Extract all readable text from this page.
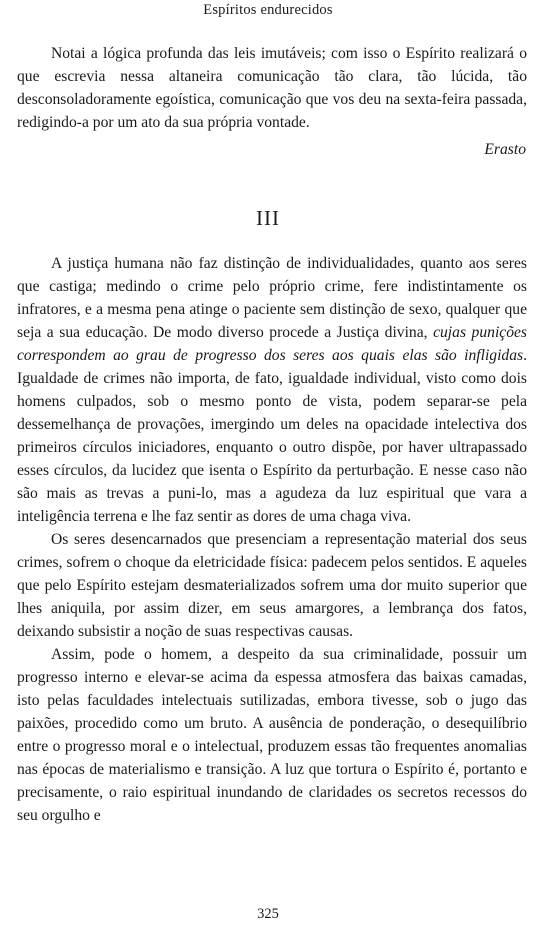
Espíritos endurecidos

Notai a lógica profunda das leis imutáveis; com isso o Espírito realizará o que escrevia nessa altaneira comunicação tão clara, tão lúcida, tão desconsoladoramente egoística, comunicação que vos deu na sexta-feira passada, redigindo-a por um ato da sua própria vontade.

Erasto
III

A justiça humana não faz distinção de individualidades, quanto aos seres que castiga; medindo o crime pelo próprio crime, fere indistintamente os infratores, e a mesma pena atinge o paciente sem distinção de sexo, qualquer que seja a sua educação. De modo diverso procede a Justiça divina, cujas punições correspondem ao grau de progresso dos seres aos quais elas são infligidas. Igualdade de crimes não importa, de fato, igualdade individual, visto como dois homens culpados, sob o mesmo ponto de vista, podem separar-se pela dessemelhança de provações, imergindo um deles na opacidade intelectiva dos primeiros círculos iniciadores, enquanto o outro dispõe, por haver ultrapassado esses círculos, da lucidez que isenta o Espírito da perturbação. E nesse caso não são mais as trevas a puni-lo, mas a agudeza da luz espiritual que vara a inteligência terrena e lhe faz sentir as dores de uma chaga viva.

Os seres desencarnados que presenciam a representação material dos seus crimes, sofrem o choque da eletricidade física: padecem pelos sentidos. E aqueles que pelo Espírito estejam desmaterializados sofrem uma dor muito superior que lhes aniquila, por assim dizer, em seus amargores, a lembrança dos fatos, deixando subsistir a noção de suas respectivas causas.

Assim, pode o homem, a despeito da sua criminalidade, possuir um progresso interno e elevar-se acima da espessa atmosfera das baixas camadas, isto pelas faculdades intelectuais sutilizadas, embora tivesse, sob o jugo das paixões, procedido como um bruto. A ausência de ponderação, o desequilíbrio entre o progresso moral e o intelectual, produzem essas tão frequentes anomalias nas épocas de materialismo e transição. A luz que tortura o Espírito é, portanto e precisamente, o raio espiritual inundando de claridades os secretos recessos do seu orgulho e

325
